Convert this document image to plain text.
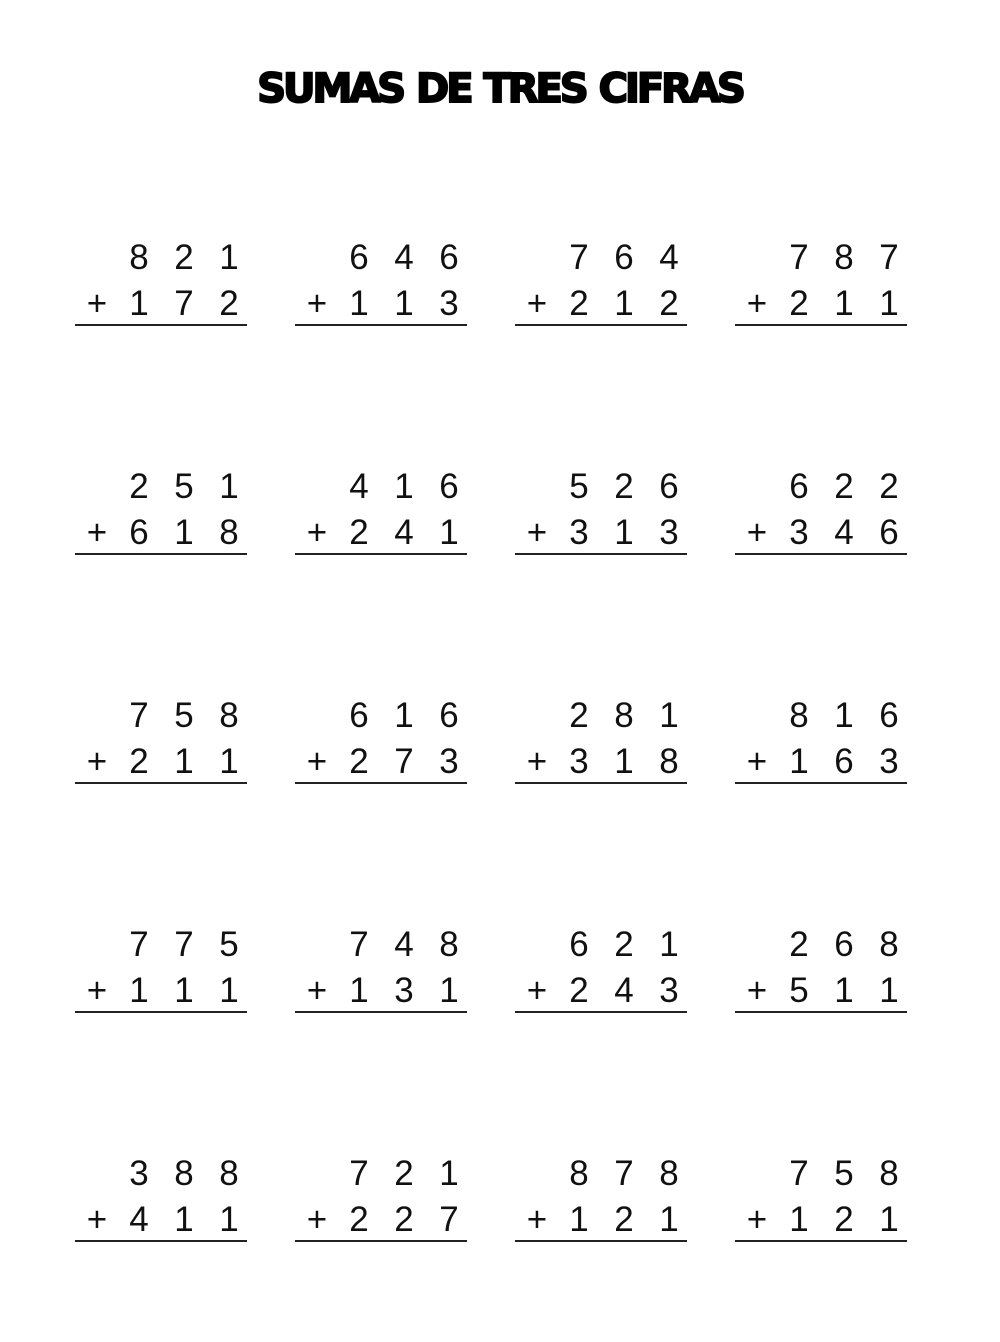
SUMAS DE TRES CIFRAS
8 2 1
+ 1 7 2
6 4 6
+ 1 1 3
7 6 4
+ 2 1 2
7 8 7
+ 2 1 1
2 5 1
+ 6 1 8
4 1 6
+ 2 4 1
5 2 6
+ 3 1 3
6 2 2
+ 3 4 6
7 5 8
+ 2 1 1
6 1 6
+ 2 7 3
2 8 1
+ 3 1 8
8 1 6
+ 1 6 3
7 7 5
+ 1 1 1
7 4 8
+ 1 3 1
6 2 1
+ 2 4 3
2 6 8
+ 5 1 1
3 8 8
+ 4 1 1
7 2 1
+ 2 2 7
8 7 8
+ 1 2 1
7 5 8
+ 1 2 1
